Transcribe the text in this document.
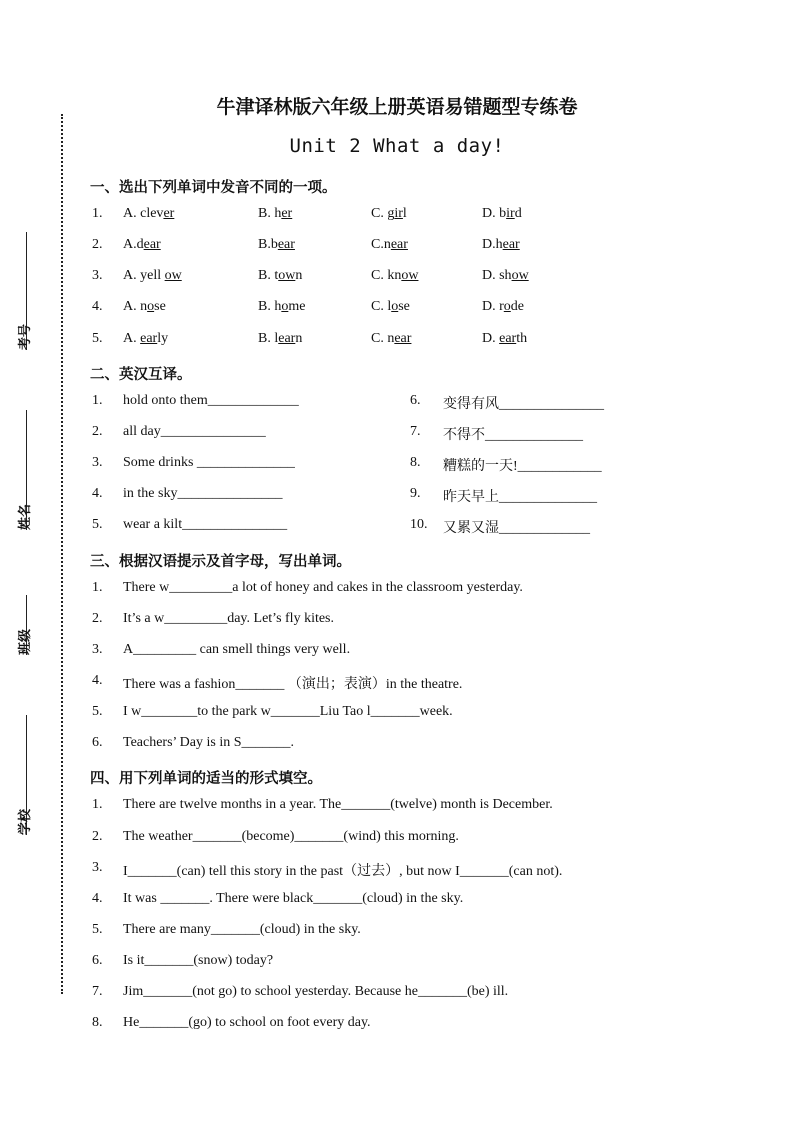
考号
姓名
班级
学校
牛津译林版六年级上册英语易错题型专练卷
Unit 2 What a day!
一、选出下列单词中发音不同的一项。
1. A. clever	B. her	C. girl	D. bird
2. A.dear	B.bear	C.near	D.hear
3. A. yell ow	B. town	C. know	D. show
4. A. nose	B. home	C. lose	D. rode
5. A. early	B. learn	C. near	D. earth
二、英汉互译。
1. hold onto them_____________	6. 变得有风_______________
2. all day_______________	7. 不得不______________
3. Some drinks ______________	8. 糟糕的一天!____________
4. in the sky_______________	9. 昨天早上______________
5. wear a kilt_______________	10. 又累又湿_____________
三、根据汉语提示及首字母，写出单词。
1. There w_________a lot of honey and cakes in the classroom yesterday.
2. It’s a w_________day. Let’s fly kites.
3. A_________ can smell things very well.
4. There was a fashion_______ （演出；表演）in the theatre.
5. I w________to the park w_______Liu Tao l_______week.
6. Teachers’ Day is in S_______.
四、用下列单词的适当的形式填空。
1. There are twelve months in a year. The_______(twelve) month is December.
2. The weather_______(become)_______(wind) this morning.
3. I_______(can) tell this story in the past（过去）, but now I_______(can not).
4. It was _______. There were black_______(cloud) in the sky.
5. There are many_______(cloud) in the sky.
6. Is it_______(snow) today?
7. Jim_______(not go) to school yesterday. Because he_______(be) ill.
8. He_______(go) to school on foot every day.
